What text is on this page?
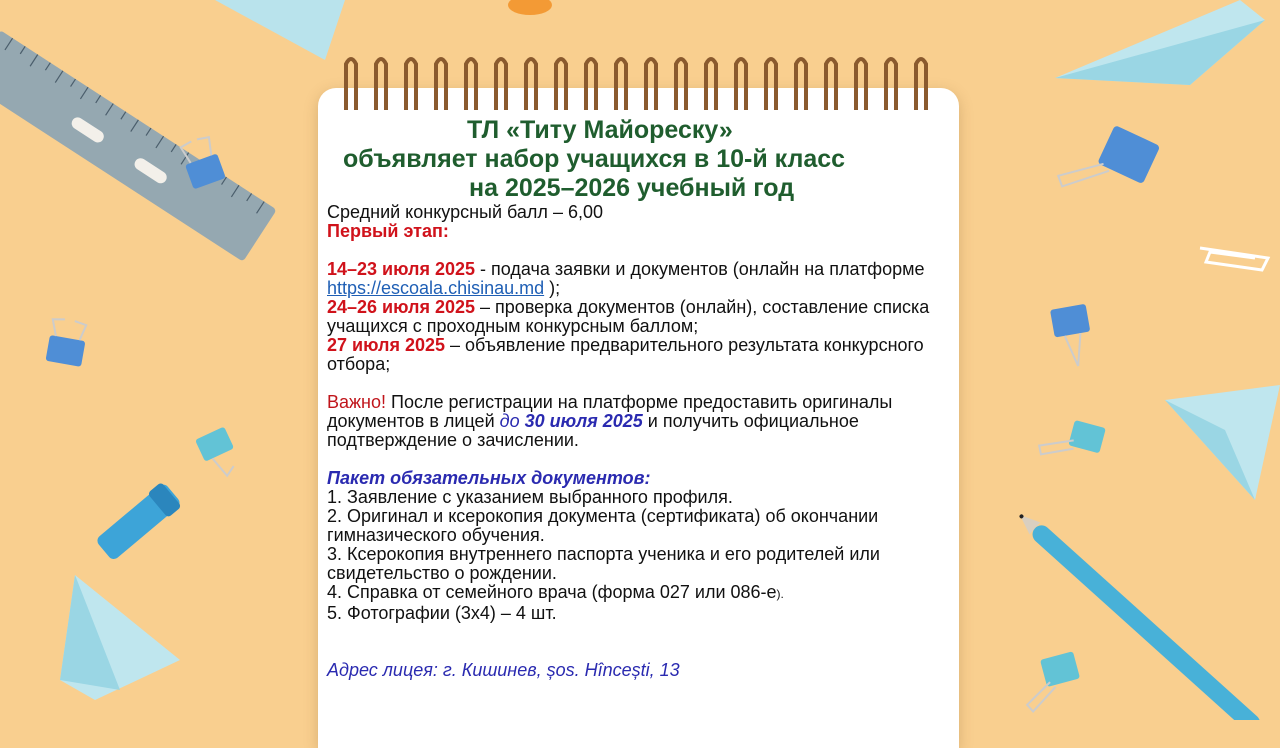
ТЛ «Титу Майореску»
объявляет набор учащихся в 10-й класс
на 2025–2026 учебный год

Средний конкурсный балл – 6,00

Первый этап:

14–23 июля 2025 - подача заявки и документов (онлайн на платформе https://escoala.chisinau.md );

24–26 июля 2025 – проверка документов (онлайн), составление списка учащихся с проходным конкурсным баллом;

27 июля 2025 – объявление предварительного результата конкурсного отбора;

Важно! После регистрации на платформе предоставить оригиналы документов в лицей до 30 июля 2025 и получить официальное подтверждение о зачислении.

Пакет обязательных документов:

1. Заявление с указанием выбранного профиля.

2. Оригинал и ксерокопия документа (сертификата) об окончании гимназического обучения.

3. Ксерокопия внутреннего паспорта ученика и его родителей или свидетельство о рождении.

4. Справка от семейного врача (форма 027 или 086-е).

5. Фотографии (3x4) – 4 шт.

Адрес лицея: г. Кишинев, șos. Hîncești, 13
